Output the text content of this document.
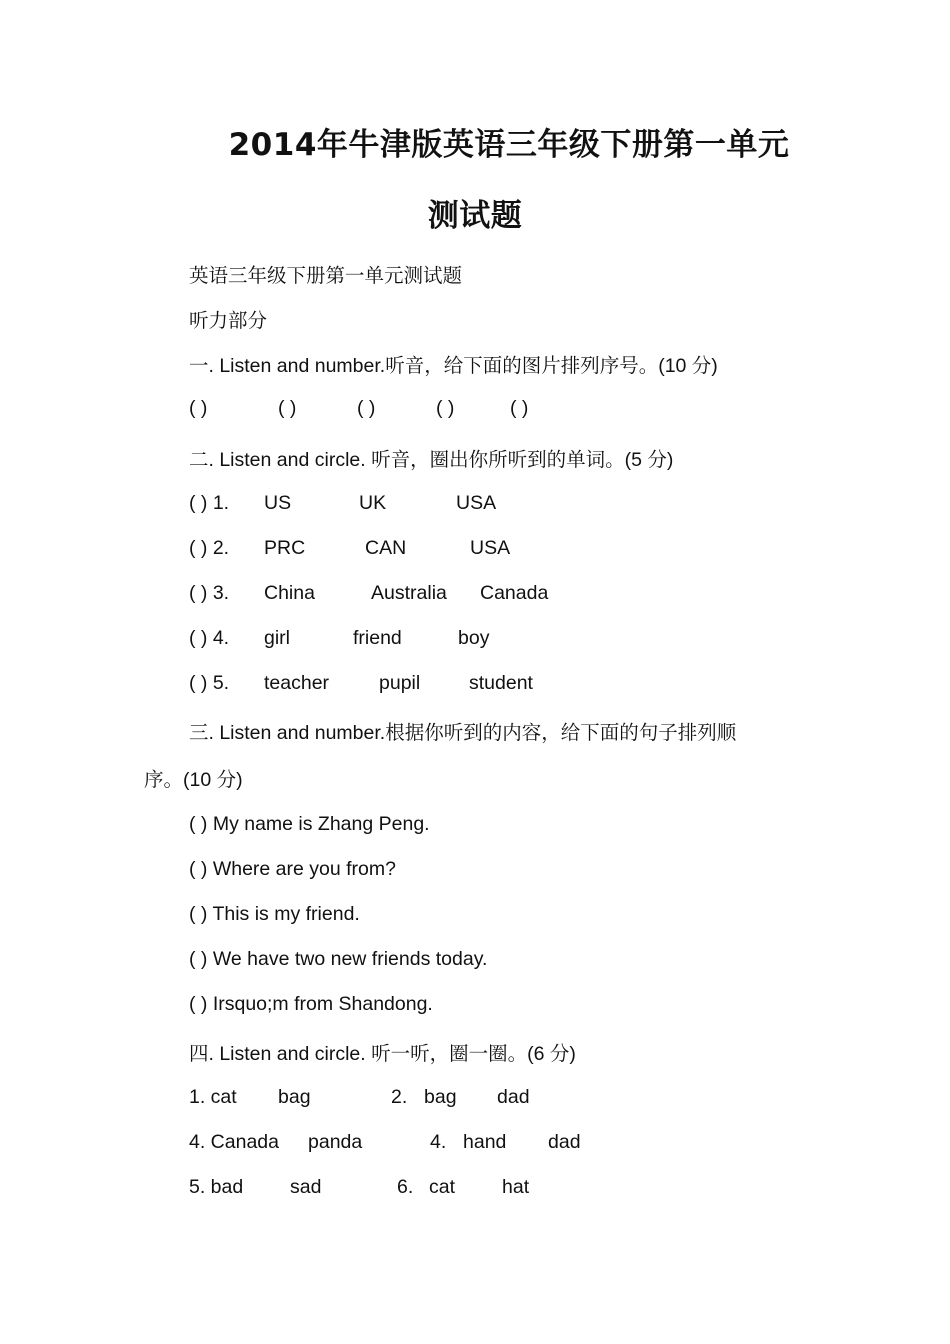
2014年牛津版英语三年级下册第一单元
测试题
英语三年级下册第一单元测试题
听力部分
一. Listen and number.听音，给下面的图片排列序号。(10 分)
( )	( )	( )	( )	( )
二. Listen and circle. 听音，圈出你所听到的单词。(5 分)
( ) 1. US	UK	USA
( ) 2. PRC	CAN	USA
( ) 3. China	Australia Canada
( ) 4. girl	friend	boy
( ) 5. teacher	pupil	student
三. Listen and number.根据你听到的内容，给下面的句子排列顺
序。(10 分)
( ) My name is Zhang Peng.
( ) Where are you from?
( ) This is my friend.
( ) We have two new friends today.
( ) Irsquo;m from Shandong.
四. Listen and circle. 听一听，圈一圈。(6 分)
1. cat bag	2. bag dad
4. Canada panda	4. hand dad
5. bad sad	6. cat hat
